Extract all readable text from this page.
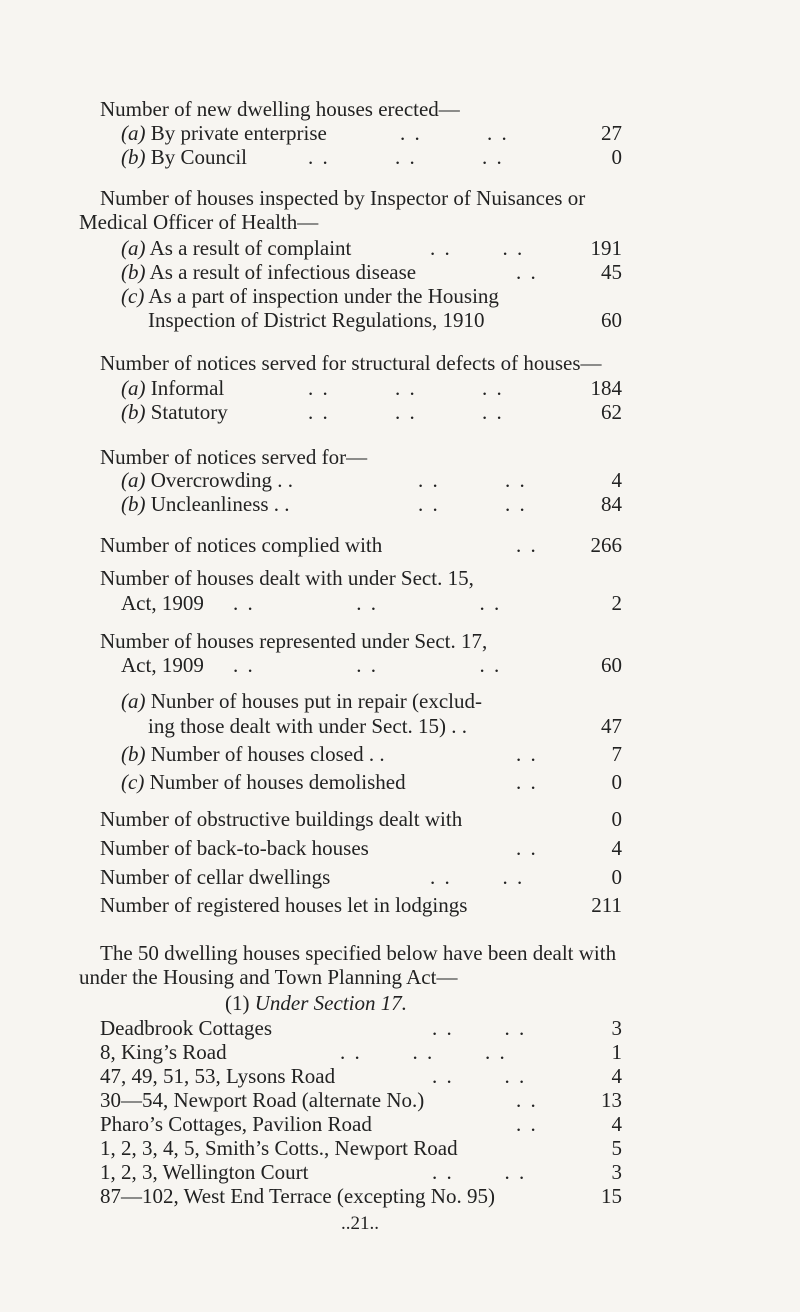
Number of new dwelling houses erected—
(a) By private enterprise	. .         . .	27
(b) By Council	. .         . .         . .	0
Number of houses inspected by Inspector of Nuisances or
Medical Officer of Health—
(a) As a result of complaint	. .       . .	191
(b) As a result of infectious disease	. .	45
(c) As a part of inspection under the Housing
Inspection of District Regulations, 1910	60
Number of notices served for structural defects of houses—
(a) Informal	. .         . .         . .	184
(b) Statutory	. .         . .         . .	62
Number of notices served for—
(a) Overcrowding . .	. .         . .	4
(b) Uncleanliness . .	. .         . .	84
Number of notices complied with	. .	266
Number of houses dealt with under Sect. 15,
Act, 1909 . .              . .              . .	2
Number of houses represented under Sect. 17,
Act, 1909 . .              . .              . .	60
(a) Nunber of houses put in repair (exclud-
ing those dealt with under Sect. 15) . .	47
(b) Number of houses closed . .	. .	7
(c) Number of houses demolished	. .	0
Number of obstructive buildings dealt with	0
Number of back-to-back houses	. .	4
Number of cellar dwellings	. .       . .	0
Number of registered houses let in lodgings	211
The 50 dwelling houses specified below have been dealt with
under the Housing and Town Planning Act—
(1) Under Section 17.
Deadbrook Cottages	. .       . .	3
8, King’s Road	. .       . .       . .	1
47, 49, 51, 53, Lysons Road	. .       . .	4
30—54, Newport Road (alternate No.)	. .	13
Pharo’s Cottages, Pavilion Road	. .	4
1, 2, 3, 4, 5, Smith’s Cotts., Newport Road	5
1, 2, 3, Wellington Court	. .       . .	3
87—102, West End Terrace (excepting No. 95)	15
..21..
